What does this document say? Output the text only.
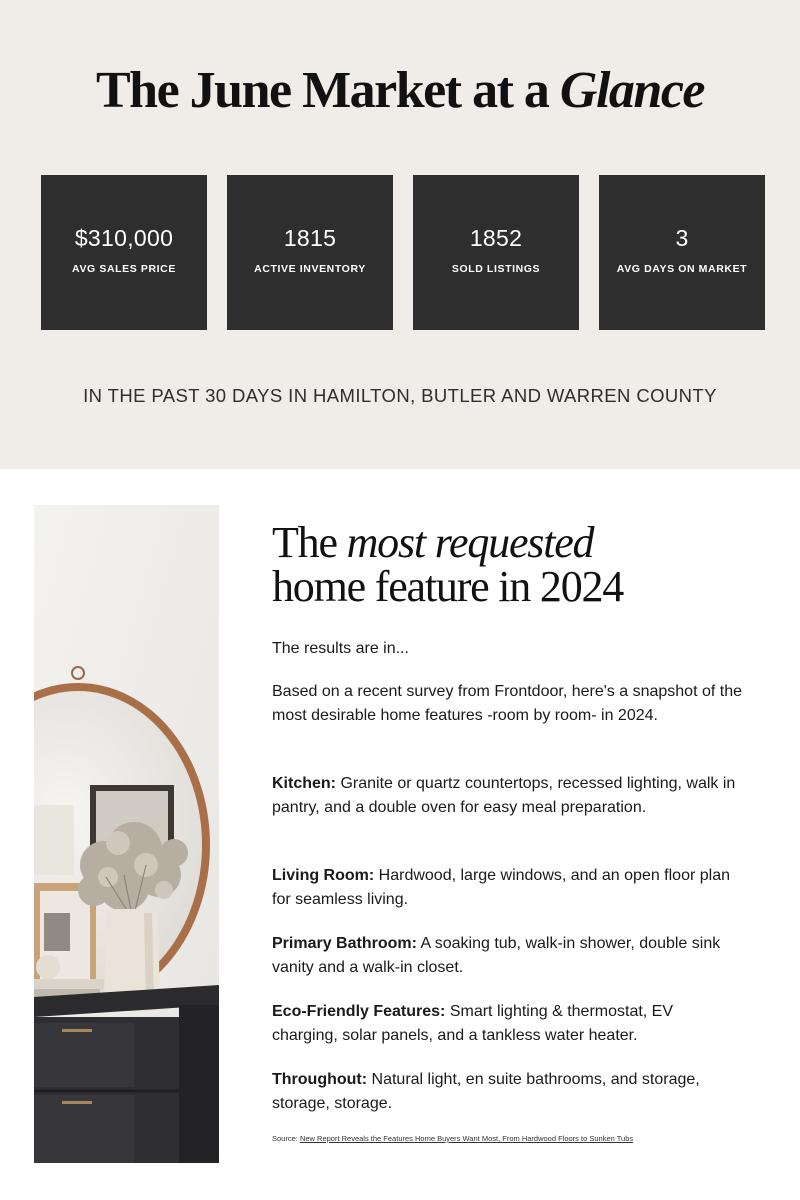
The June Market at a Glance
$310,000
AVG SALES PRICE
1815
ACTIVE INVENTORY
1852
SOLD LISTINGS
3
AVG DAYS ON MARKET
IN THE PAST 30 DAYS IN HAMILTON, BUTLER AND WARREN COUNTY
The most requested
home feature in 2024

The results are in...

Based on a recent survey from Frontdoor, here's a snapshot of the most desirable home features -room by room- in 2024.

Kitchen: Granite or quartz countertops, recessed lighting, walk in pantry, and a double oven for easy meal preparation.

Living Room: Hardwood, large windows, and an open floor plan for seamless living.

Primary Bathroom: A soaking tub, walk-in shower, double sink vanity and a walk-in closet.

Eco-Friendly Features: Smart lighting & thermostat, EV charging, solar panels, and a tankless water heater.

Throughout: Natural light, en suite bathrooms, and storage, storage, storage.

Source: New Report Reveals the Features Home Buyers Want Most, From Hardwood Floors to Sunken Tubs
